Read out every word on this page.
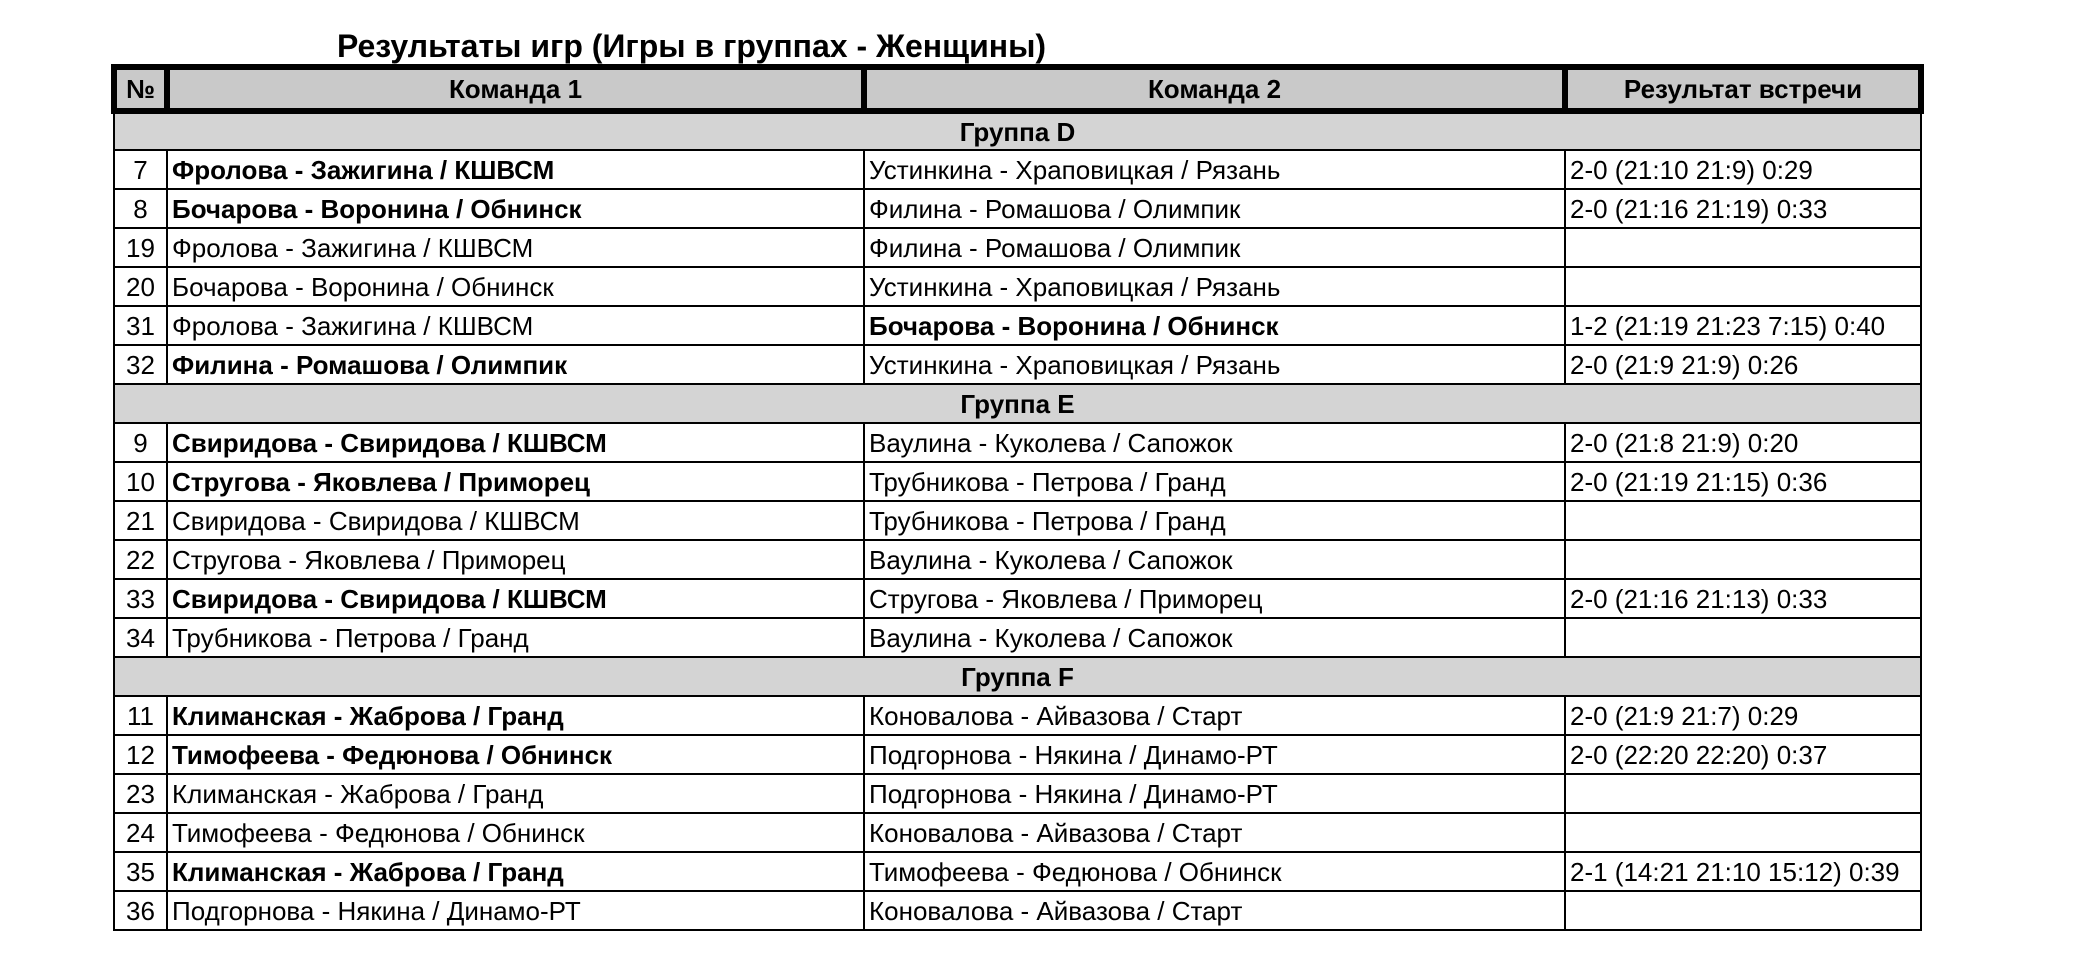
Результаты игр (Игры в группах - Женщины)
№	Команда 1	Команда 2	Результат встречи
Группа D			
7	Фролова - Зажигина / КШВСМ	Устинкина - Храповицкая / Рязань	2-0 (21:10 21:9) 0:29
8	Бочарова - Воронина / Обнинск	Филина - Ромашова / Олимпик	2-0 (21:16 21:19) 0:33
19	Фролова - Зажигина / КШВСМ	Филина - Ромашова / Олимпик	
20	Бочарова - Воронина / Обнинск	Устинкина - Храповицкая / Рязань	
31	Фролова - Зажигина / КШВСМ	Бочарова - Воронина / Обнинск	1-2 (21:19 21:23 7:15) 0:40
32	Филина - Ромашова / Олимпик	Устинкина - Храповицкая / Рязань	2-0 (21:9 21:9) 0:26
Группа E			
9	Свиридова - Свиридова / КШВСМ	Ваулина - Куколева / Сапожок	2-0 (21:8 21:9) 0:20
10	Стругова - Яковлева / Приморец	Трубникова - Петрова / Гранд	2-0 (21:19 21:15) 0:36
21	Свиридова - Свиридова / КШВСМ	Трубникова - Петрова / Гранд	
22	Стругова - Яковлева / Приморец	Ваулина - Куколева / Сапожок	
33	Свиридова - Свиридова / КШВСМ	Стругова - Яковлева / Приморец	2-0 (21:16 21:13) 0:33
34	Трубникова - Петрова / Гранд	Ваулина - Куколева / Сапожок	
Группа F			
11	Климанская - Жаброва / Гранд	Коновалова - Айвазова / Старт	2-0 (21:9 21:7) 0:29
12	Тимофеева - Федюнова / Обнинск	Подгорнова - Някина / Динамо-РТ	2-0 (22:20 22:20) 0:37
23	Климанская - Жаброва / Гранд	Подгорнова - Някина / Динамо-РТ	
24	Тимофеева - Федюнова / Обнинск	Коновалова - Айвазова / Старт	
35	Климанская - Жаброва / Гранд	Тимофеева - Федюнова / Обнинск	2-1 (14:21 21:10 15:12) 0:39
36	Подгорнова - Някина / Динамо-РТ	Коновалова - Айвазова / Старт	
